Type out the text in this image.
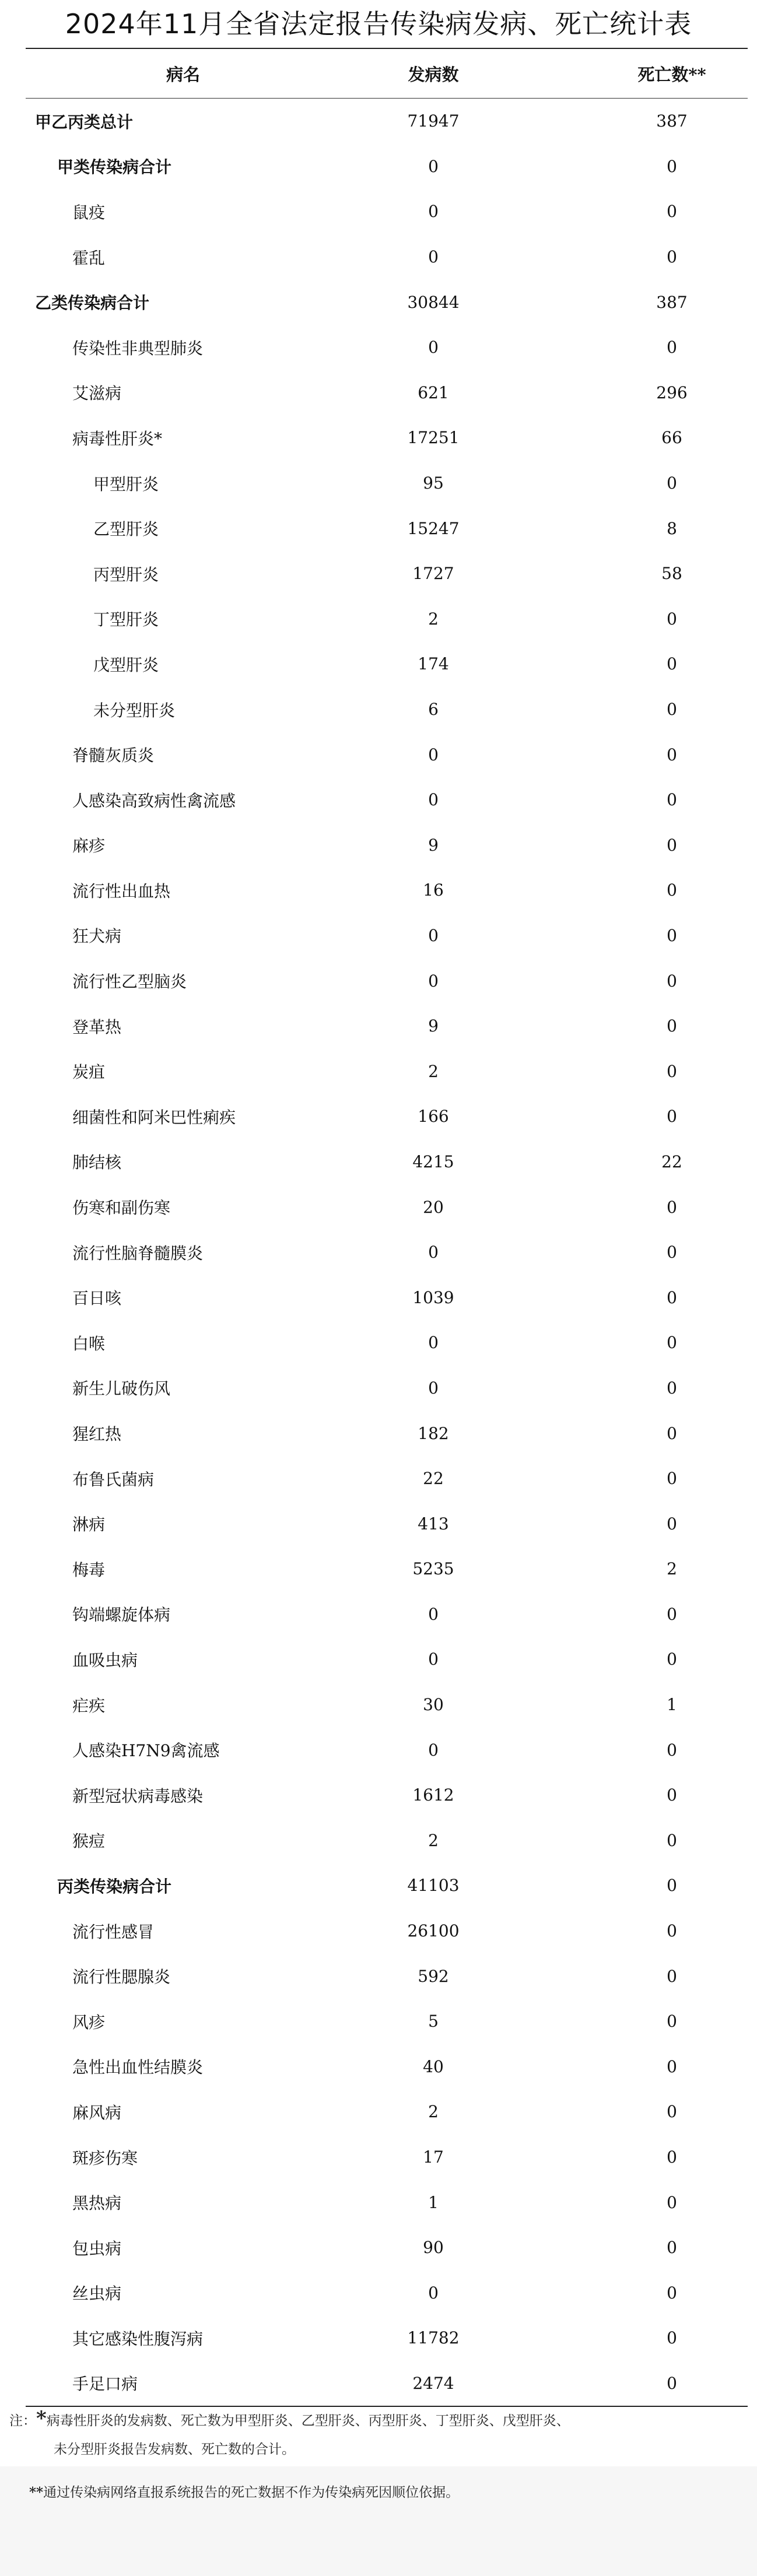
2024年11月全省法定报告传染病发病、死亡统计表
病名	发病数	死亡数**
甲乙丙类总计	71947	387
甲类传染病合计	0	0
鼠疫	0	0
霍乱	0	0
乙类传染病合计	30844	387
传染性非典型肺炎	0	0
艾滋病	621	296
病毒性肝炎*	17251	66
甲型肝炎	95	0
乙型肝炎	15247	8
丙型肝炎	1727	58
丁型肝炎	2	0
戊型肝炎	174	0
未分型肝炎	6	0
脊髓灰质炎	0	0
人感染高致病性禽流感	0	0
麻疹	9	0
流行性出血热	16	0
狂犬病	0	0
流行性乙型脑炎	0	0
登革热	9	0
炭疽	2	0
细菌性和阿米巴性痢疾	166	0
肺结核	4215	22
伤寒和副伤寒	20	0
流行性脑脊髓膜炎	0	0
百日咳	1039	0
白喉	0	0
新生儿破伤风	0	0
猩红热	182	0
布鲁氏菌病	22	0
淋病	413	0
梅毒	5235	2
钩端螺旋体病	0	0
血吸虫病	0	0
疟疾	30	1
人感染H7N9禽流感	0	0
新型冠状病毒感染	1612	0
猴痘	2	0
丙类传染病合计	41103	0
流行性感冒	26100	0
流行性腮腺炎	592	0
风疹	5	0
急性出血性结膜炎	40	0
麻风病	2	0
斑疹伤寒	17	0
黑热病	1	0
包虫病	90	0
丝虫病	0	0
其它感染性腹泻病	11782	0
手足口病	2474	0
注：*病毒性肝炎的发病数、死亡数为甲型肝炎、乙型肝炎、丙型肝炎、丁型肝炎、戊型肝炎、
未分型肝炎报告发病数、死亡数的合计。
**通过传染病网络直报系统报告的死亡数据不作为传染病死因顺位依据。
